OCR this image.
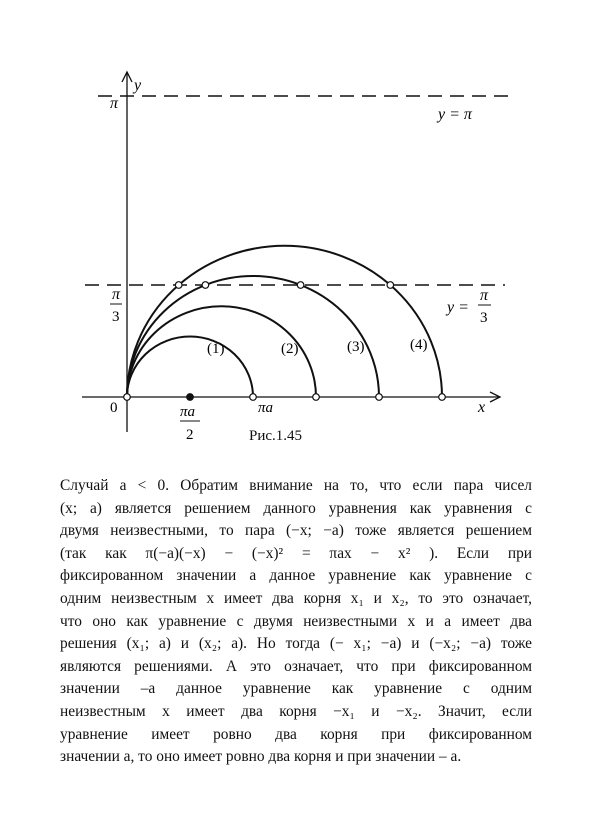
y
x
0
π
π
3
πa
2
πa
y = π
y =
π
3
(1)	(2)	(3)	(4)
Рис.1.45
Случай a < 0. Обратим внимание на то, что если пара чисел
(x; a) является решением данного уравнения как уравнения с
двумя неизвестными, то пара (−x; −a) тоже является решением
(так как π(−a)(−x) − (−x)² = πax − x² ). Если при
фиксированном значении a данное уравнение как уравнение с
одним неизвестным x имеет два корня x₁ и x₂, то это означает,
что оно как уравнение с двумя неизвестными x и a имеет два
решения (x₁; a) и (x₂; a). Но тогда (− x₁; −a) и (−x₂; −a) тоже
являются решениями. А это означает, что при фиксированном
значении –a данное уравнение как уравнение с одним
неизвестным x имеет два корня −x₁ и −x₂. Значит, если
уравнение имеет ровно два корня при фиксированном
значении a, то оно имеет ровно два корня и при значении – a.
